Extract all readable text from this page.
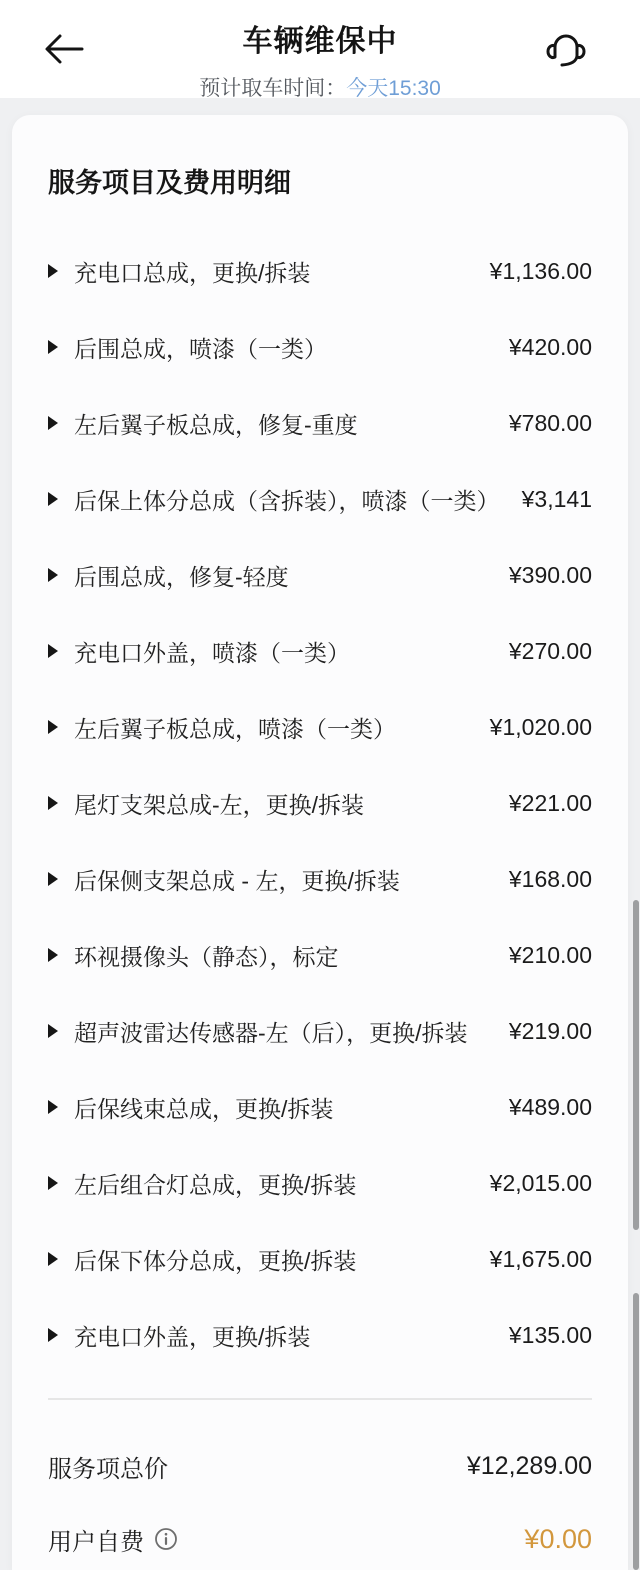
车辆维保中
预计取车时间：今天15:30
服务项目及费用明细
充电口总成，更换/拆装	¥1,136.00
后围总成，喷漆（一类）	¥420.00
左后翼子板总成，修复-重度	¥780.00
后保上体分总成（含拆装），喷漆（一类） ¥3,141
后围总成，修复-轻度	¥390.00
充电口外盖，喷漆（一类）	¥270.00
左后翼子板总成，喷漆（一类）	¥1,020.00
尾灯支架总成-左，更换/拆装	¥221.00
后保侧支架总成 - 左，更换/拆装	¥168.00
环视摄像头（静态），标定	¥210.00
超声波雷达传感器-左（后），更换/拆装	¥219.00
后保线束总成，更换/拆装	¥489.00
左后组合灯总成，更换/拆装	¥2,015.00
后保下体分总成，更换/拆装	¥1,675.00
充电口外盖，更换/拆装	¥135.00
服务项总价	¥12,289.00
用户自费	¥0.00
